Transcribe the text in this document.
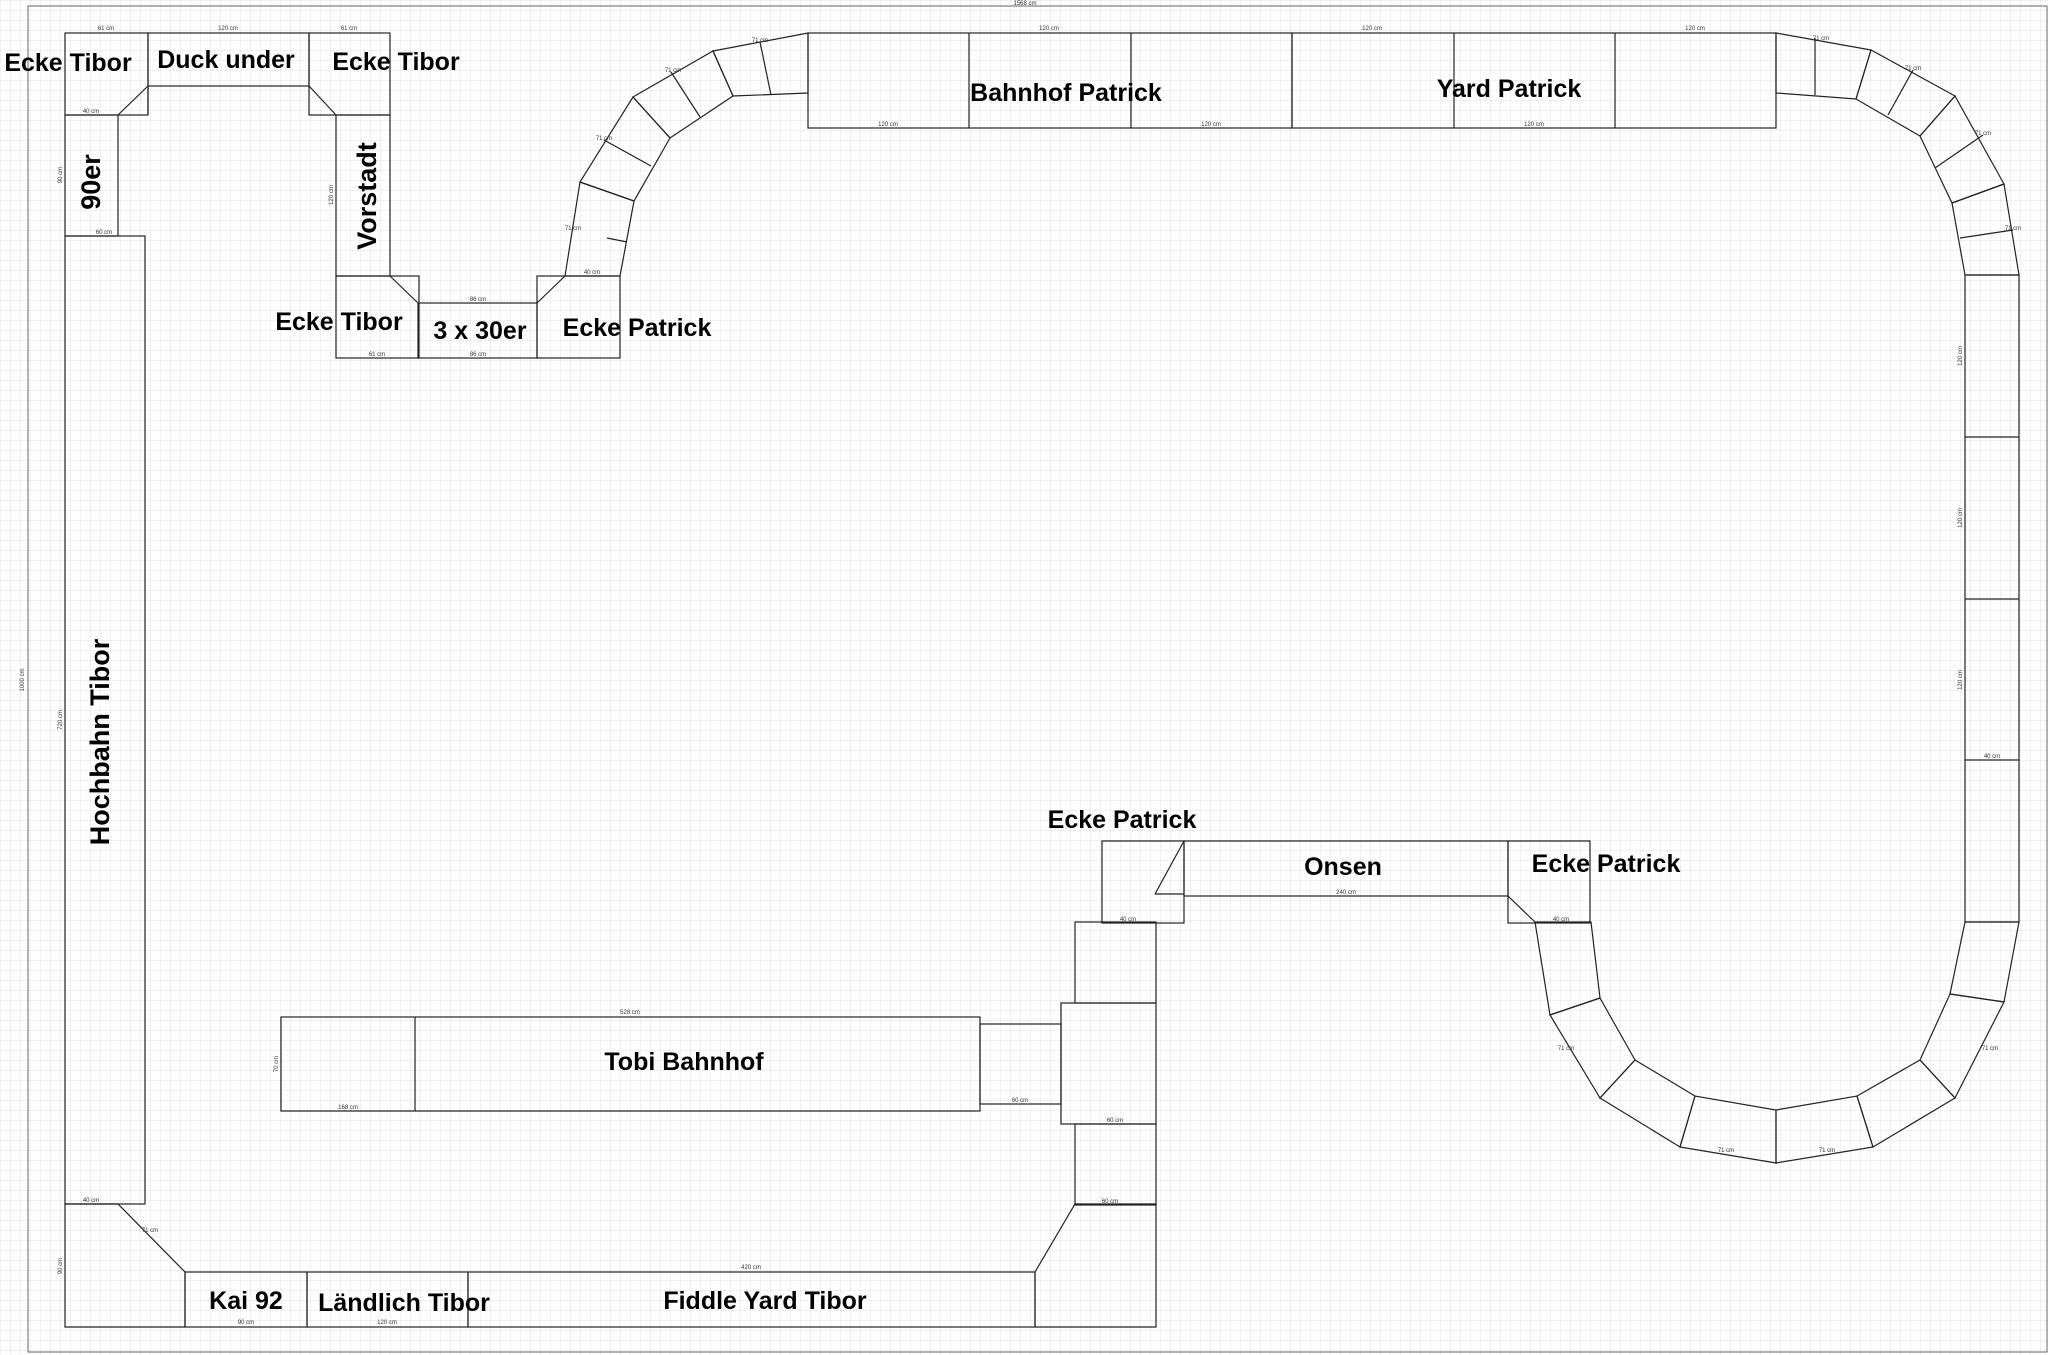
1568 cm
1000 cm
61 cm	120 cm	61 cm
40 cm
60 cm
86 cm
86 cm
61 cm
40 cm
90 cm
120 cm
71 cm
71 cm
71 cm
71 cm
120 cm
120 cm
120 cm
120 cm
120 cm
120 cm
71 cm
71 cm
71 cm
71 cm
120 cm
120 cm
120 cm
40 cm
71 cm
71 cm
71 cm
71 cm
240 cm
40 cm	40 cm
60 cm
60 cm
528 cm
168 cm
70 cm
60 cm
720 cm
40 cm
90 cm
90 cm	120 cm
420 cm
71 cm
Ecke Tibor Duck under Ecke Tibor
90er	Vorstadt
Ecke Tibor 3 x 30er Ecke Patrick
Bahnhof Patrick	Yard Patrick
Hochbahn Tibor	Ecke Patrick
Onsen	Ecke Patrick
Tobi Bahnhof
Kai 92 Ländlich Tibor	Fiddle Yard Tibor
